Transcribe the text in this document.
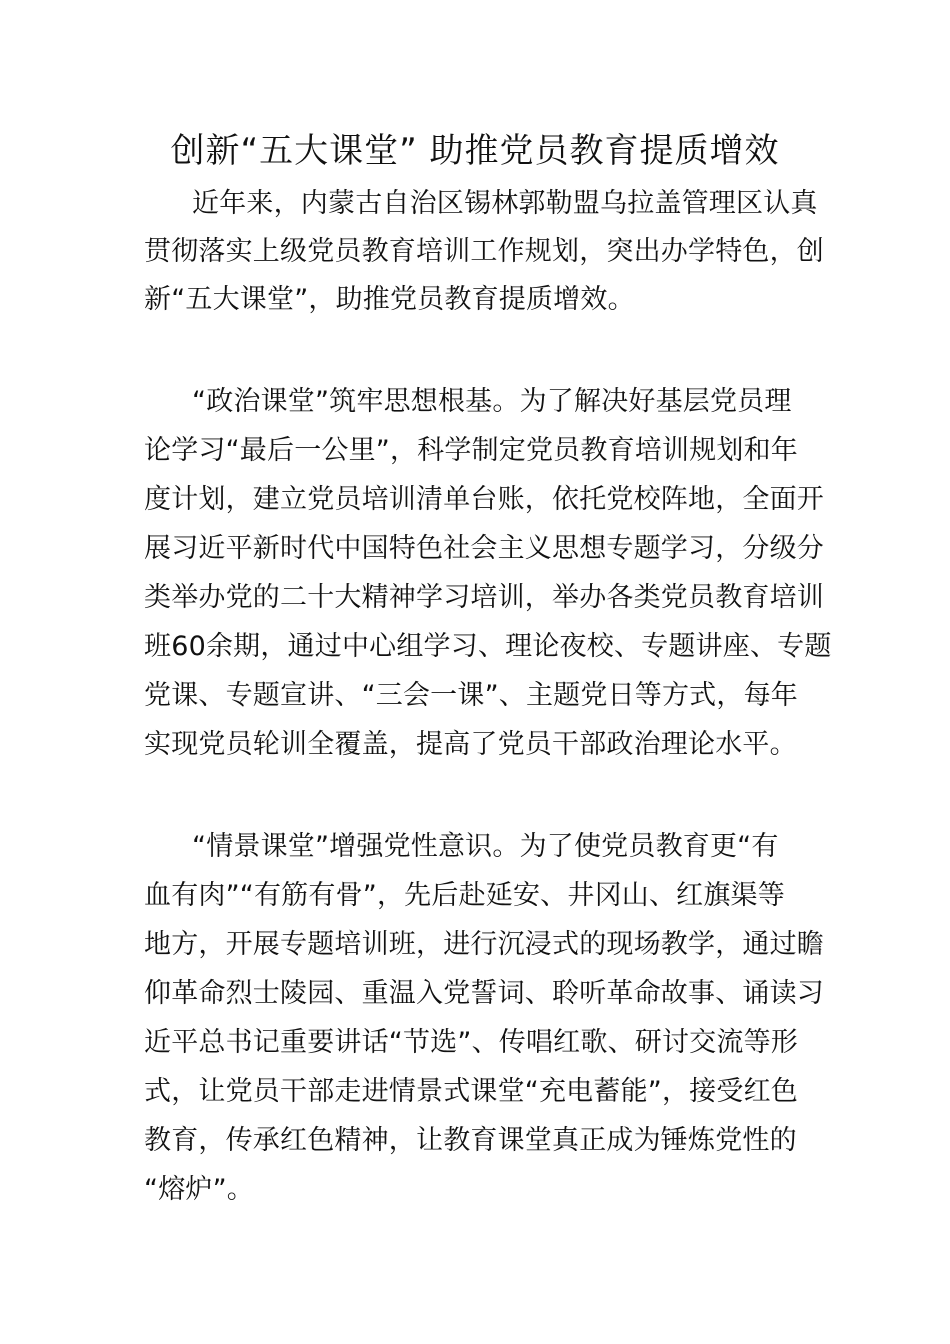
创新“五大课堂” 助推党员教育提质增效
近年来，内蒙古自治区锡林郭勒盟乌拉盖管理区认真
贯彻落实上级党员教育培训工作规划，突出办学特色，创
新“五大课堂”，助推党员教育提质增效。
“政治课堂”筑牢思想根基。为了解决好基层党员理
论学习“最后一公里”，科学制定党员教育培训规划和年
度计划，建立党员培训清单台账，依托党校阵地，全面开
展习近平新时代中国特色社会主义思想专题学习，分级分
类举办党的二十大精神学习培训，举办各类党员教育培训
班60余期，通过中心组学习、理论夜校、专题讲座、专题
党课、专题宣讲、“三会一课”、主题党日等方式，每年
实现党员轮训全覆盖，提高了党员干部政治理论水平。
“情景课堂”增强党性意识。为了使党员教育更“有
血有肉”“有筋有骨”，先后赴延安、井冈山、红旗渠等
地方，开展专题培训班，进行沉浸式的现场教学，通过瞻
仰革命烈士陵园、重温入党誓词、聆听革命故事、诵读习
近平总书记重要讲话“节选”、传唱红歌、研讨交流等形
式，让党员干部走进情景式课堂“充电蓄能”，接受红色
教育，传承红色精神，让教育课堂真正成为锤炼党性的
“熔炉”。
